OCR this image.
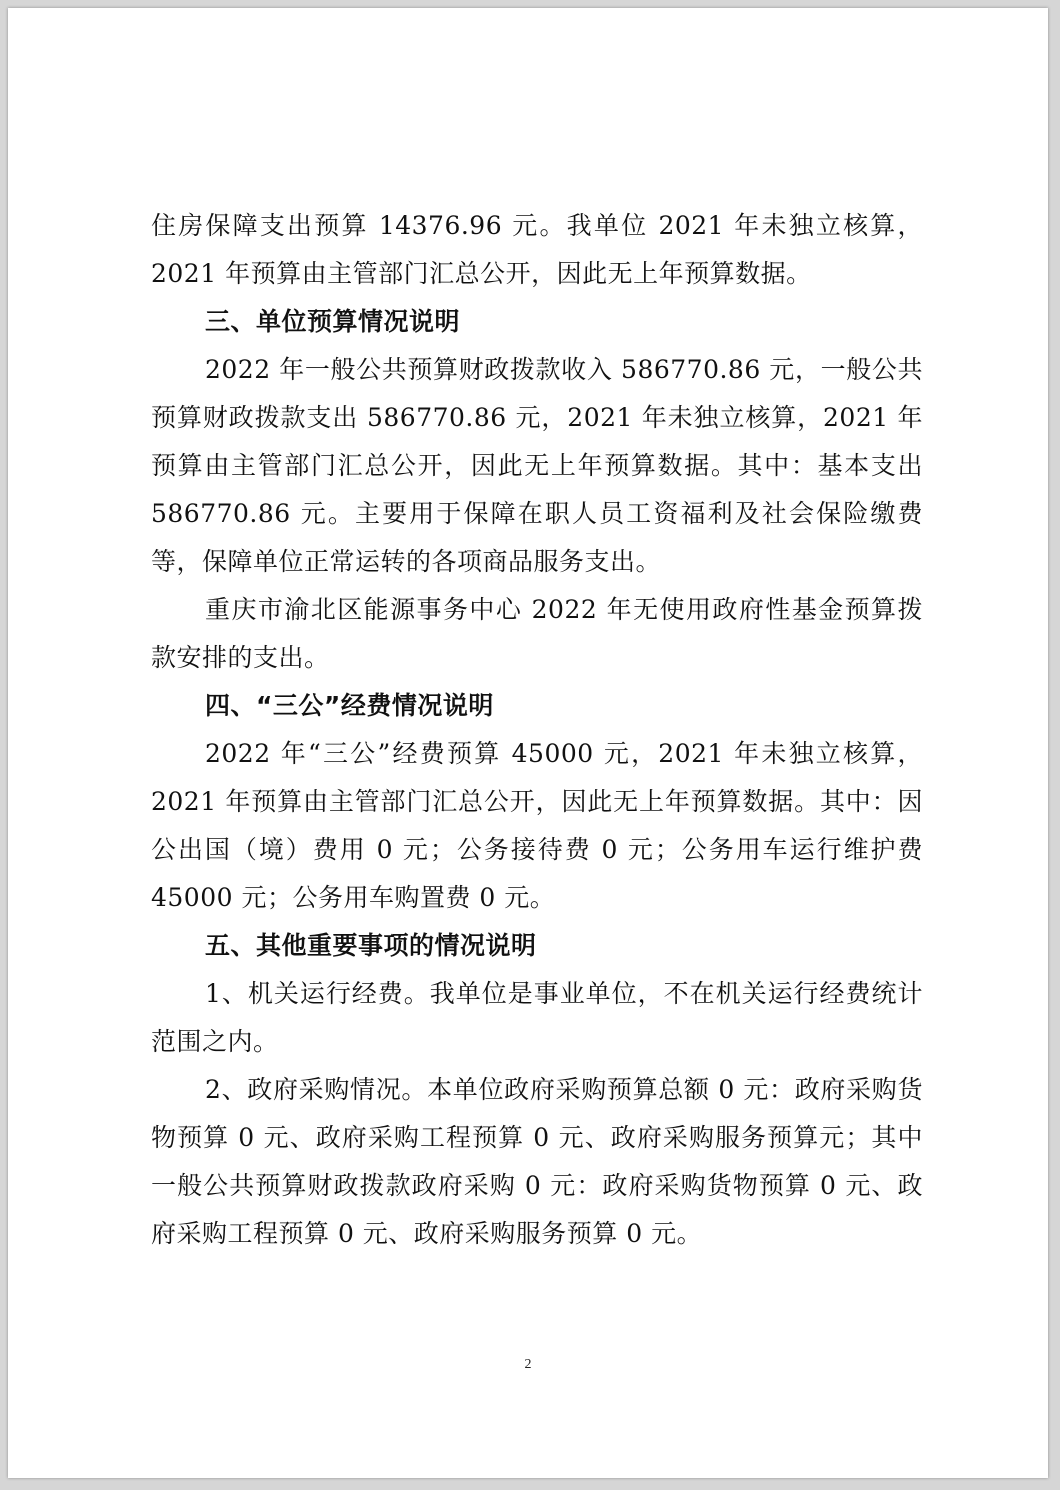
住房保障支出预算 14376.96 元。我单位 2021 年未独立核算，2021 年预算由主管部门汇总公开，因此无上年预算数据。

三、单位预算情况说明

2022 年一般公共预算财政拨款收入 586770.86 元，一般公共预算财政拨款支出 586770.86 元，2021 年未独立核算，2021 年预算由主管部门汇总公开，因此无上年预算数据。其中：基本支出 586770.86 元。主要用于保障在职人员工资福利及社会保险缴费等，保障单位正常运转的各项商品服务支出。

重庆市渝北区能源事务中心 2022 年无使用政府性基金预算拨款安排的支出。

四、“三公”经费情况说明

2022 年“三公”经费预算 45000 元，2021 年未独立核算，2021 年预算由主管部门汇总公开，因此无上年预算数据。其中：因公出国（境）费用 0 元；公务接待费 0 元；公务用车运行维护费 45000 元；公务用车购置费 0 元。

五、其他重要事项的情况说明

1、机关运行经费。我单位是事业单位，不在机关运行经费统计范围之内。

2、政府采购情况。本单位政府采购预算总额 0 元：政府采购货物预算 0 元、政府采购工程预算 0 元、政府采购服务预算元；其中一般公共预算财政拨款政府采购 0 元：政府采购货物预算 0 元、政府采购工程预算 0 元、政府采购服务预算 0 元。

2
